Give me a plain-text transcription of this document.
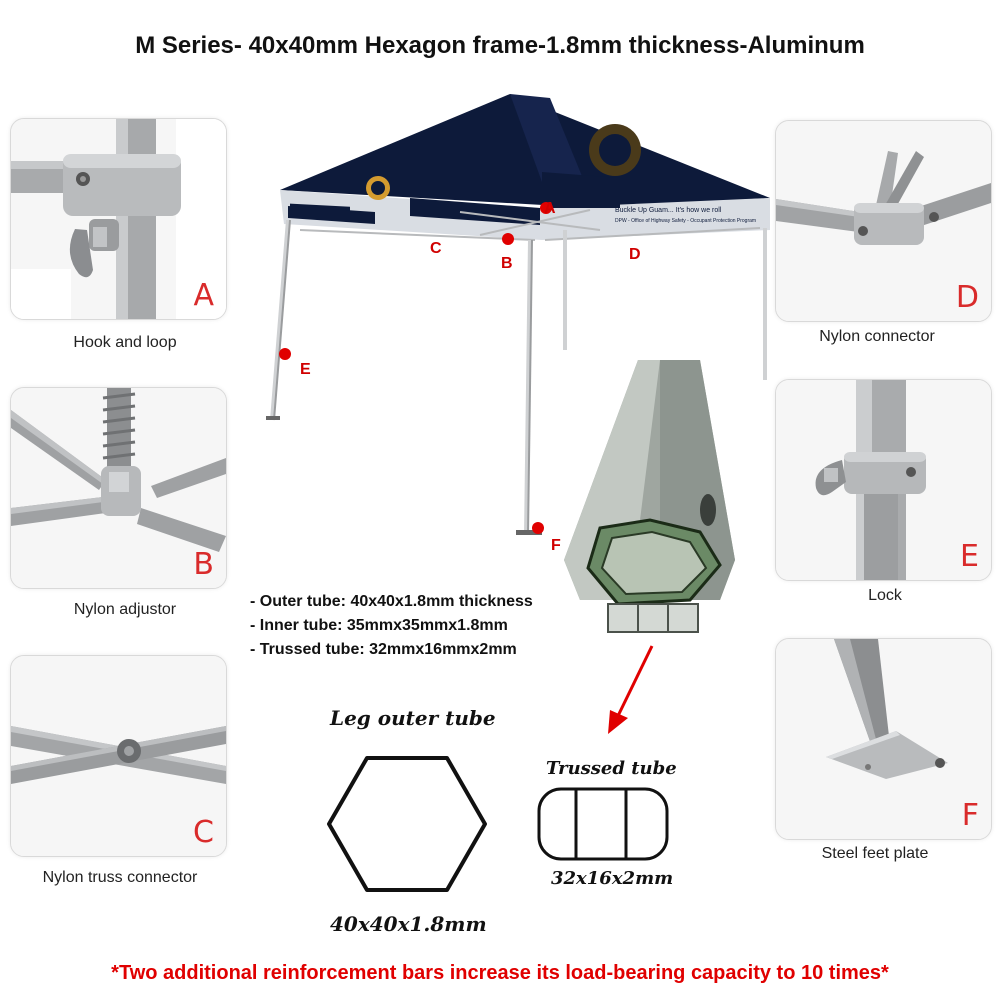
M Series- 40x40mm Hexagon frame-1.8mm thickness-Aluminum
A
Hook and loop
B
Nylon adjustor
C
Nylon truss connector
D
Nylon connector
E
Lock
F
Steel feet plate
Buckle Up Guam... It's how we roll
DPW - Office of Highway Safety - Occupant Protection Program
A
B
C	D
E
F
- Outer tube: 40x40x1.8mm thickness
- Inner tube: 35mmx35mmx1.8mm
- Trussed tube: 32mmx16mmx2mm
Leg outer tube
40x40x1.8mm
Trussed tube
32x16x2mm
*Two additional reinforcement bars increase its load-bearing capacity to 10 times*
